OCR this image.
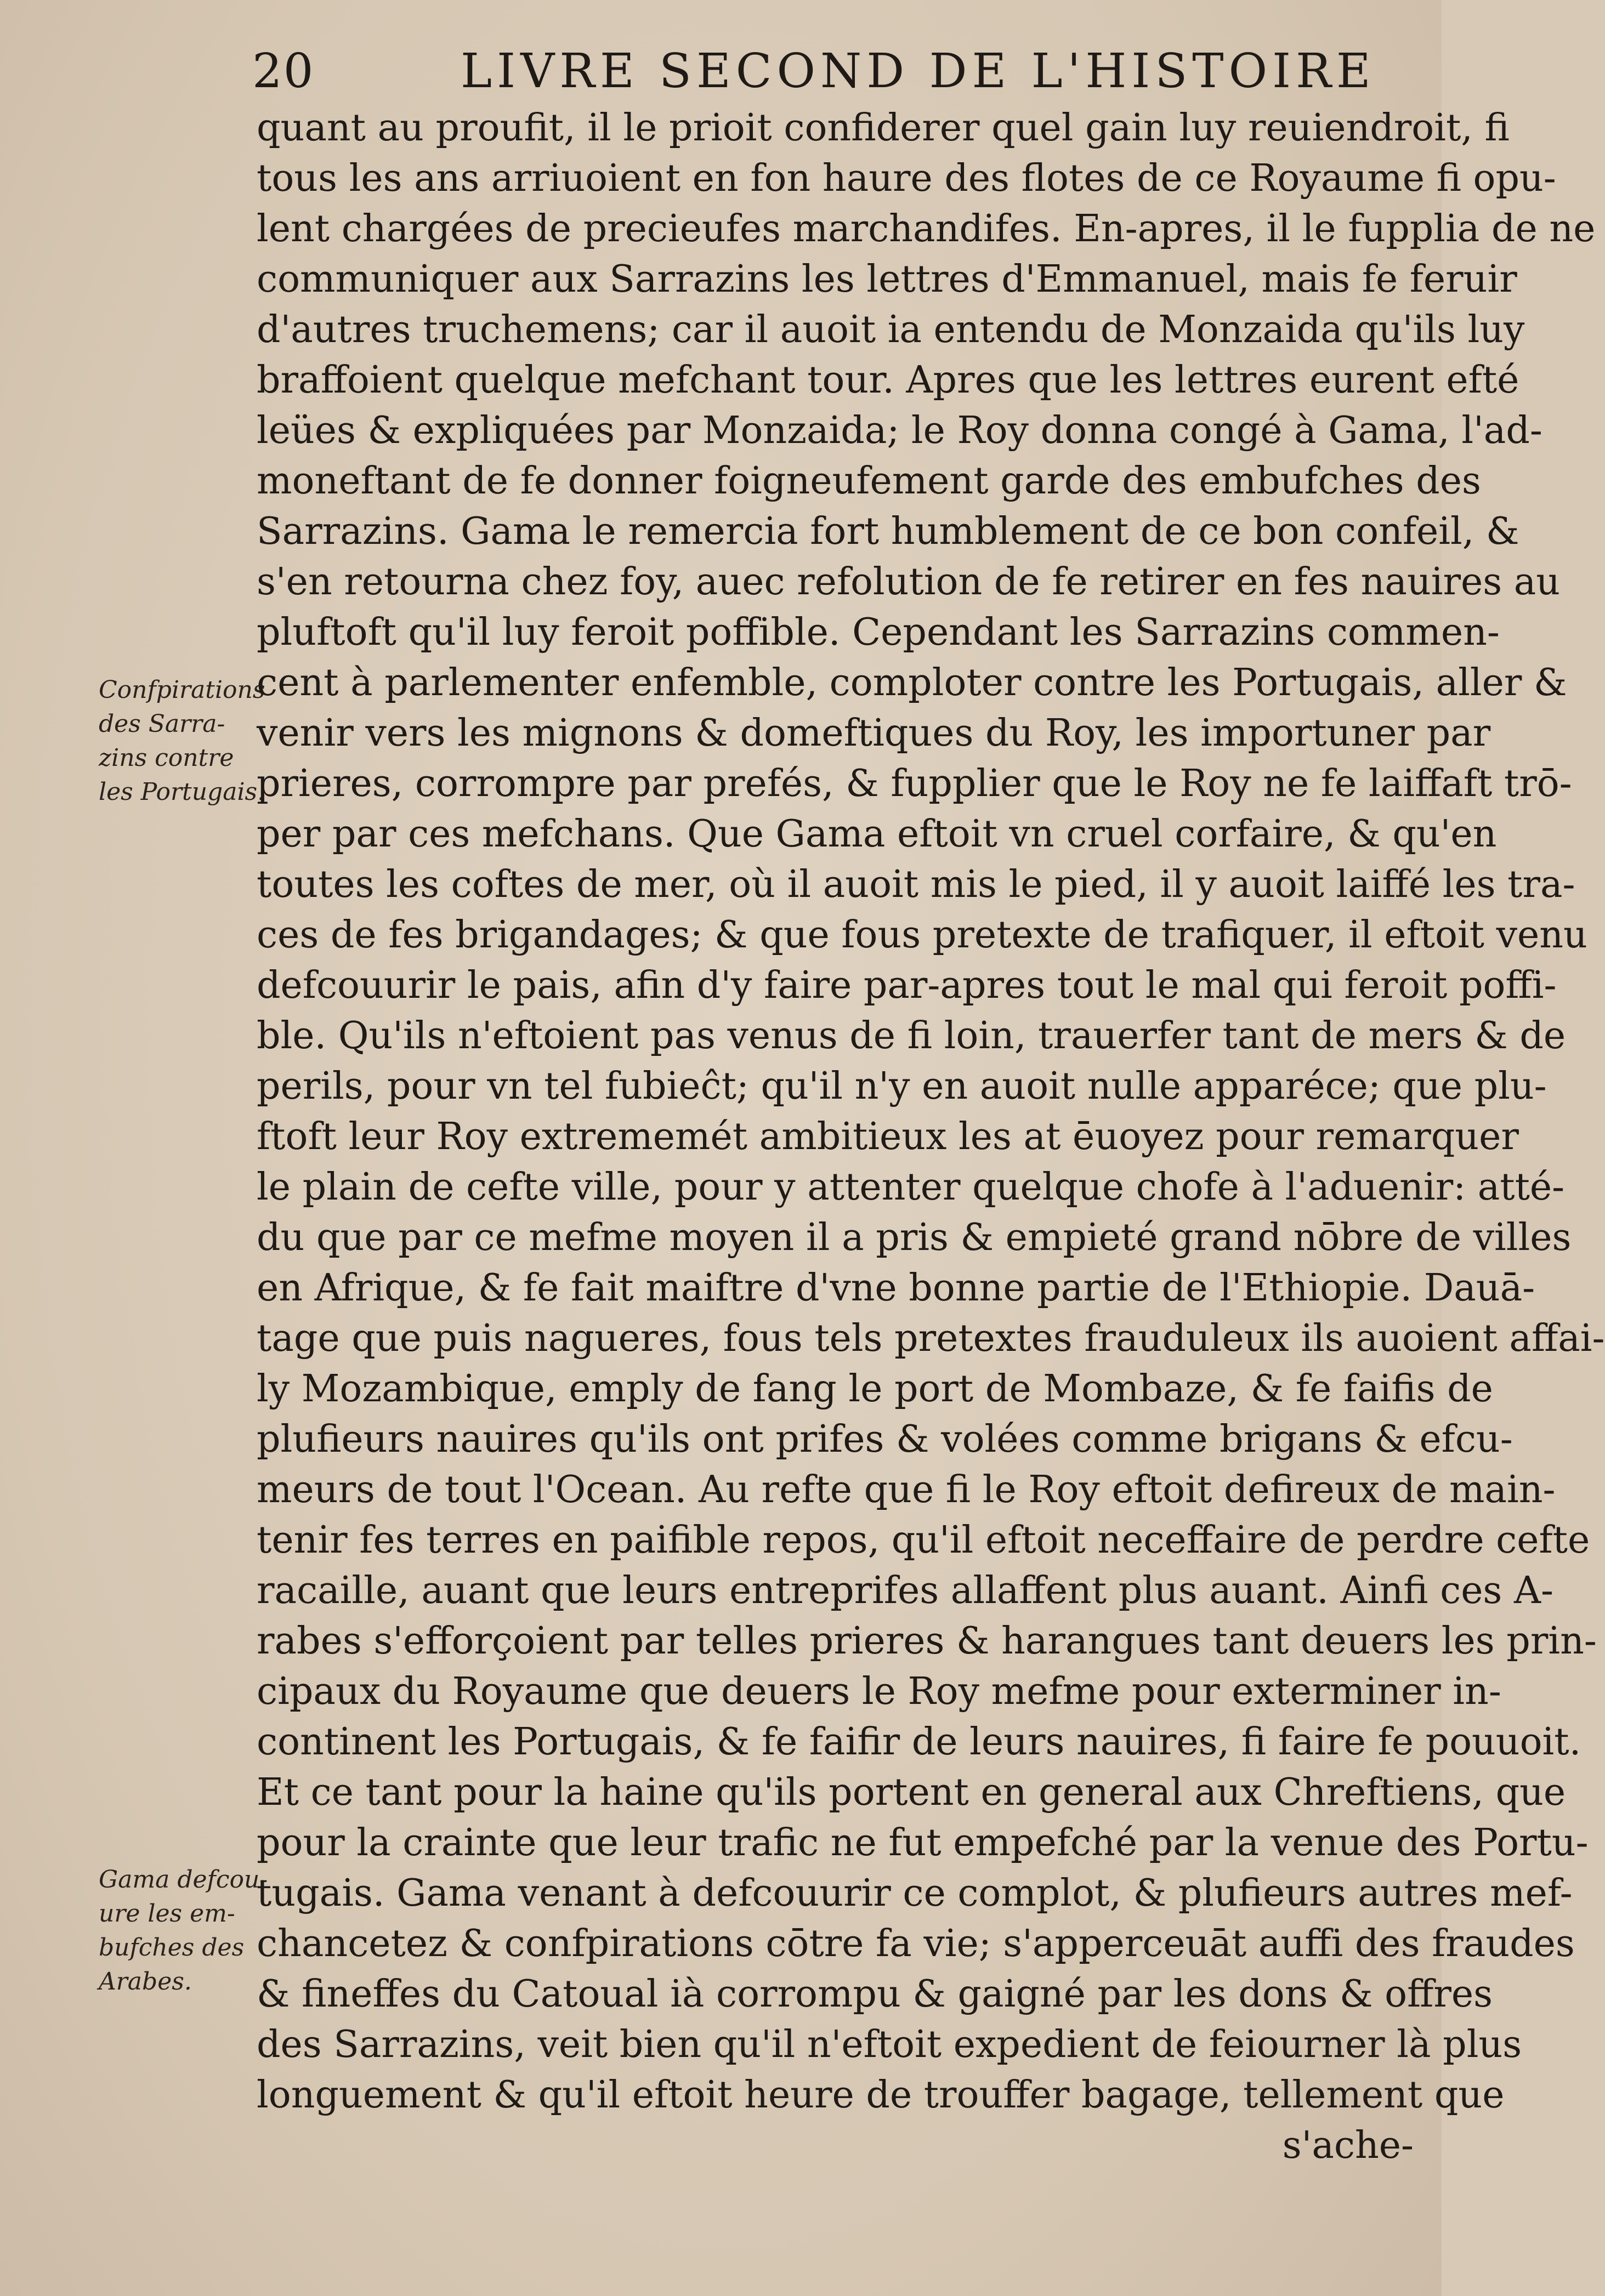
20	LIVRE SECOND DE L'HISTOIRE
Confpirations
des Sarra-
zins contre
les Portugais.
Gama defcou-
ure les em-
bufches des
Arabes.
quant au proufit, il le prioit confiderer quel gain luy reuiendroit, fi
tous les ans arriuoient en fon haure des flotes de ce Royaume fi opu-
lent chargées de precieufes marchandifes. En-apres, il le fupplia de ne
communiquer aux Sarrazins les lettres d'Emmanuel, mais fe feruir
d'autres truchemens; car il auoit ia entendu de Monzaida qu'ils luy
braffoient quelque mefchant tour. Apres que les lettres eurent efté
leües & expliquées par Monzaida; le Roy donna congé à Gama, l'ad-
moneftant de fe donner foigneufement garde des embufches des
Sarrazins. Gama le remercia fort humblement de ce bon confeil, &
s'en retourna chez foy, auec refolution de fe retirer en fes nauires au
pluftoft qu'il luy feroit poffible. Cependant les Sarrazins commen-
cent à parlementer enfemble, comploter contre les Portugais, aller &
venir vers les mignons & domeftiques du Roy, les importuner par
prieres, corrompre par prefés, & fupplier que le Roy ne fe laiffaft trō-
per par ces mefchans. Que Gama eftoit vn cruel corfaire, & qu'en
toutes les coftes de mer, où il auoit mis le pied, il y auoit laiffé les tra-
ces de fes brigandages; & que fous pretexte de trafiquer, il eftoit venu
defcouurir le pais, afin d'y faire par-apres tout le mal qui feroit poffi-
ble. Qu'ils n'eftoient pas venus de fi loin, trauerfer tant de mers & de
perils, pour vn tel fubieĉt; qu'il n'y en auoit nulle apparéce; que plu-
ftoft leur Roy extrememét ambitieux les at ēuoyez pour remarquer
le plain de cefte ville, pour y attenter quelque chofe à l'aduenir: atté-
du que par ce mefme moyen il a pris & empieté grand nōbre de villes
en Afrique, & fe fait maiftre d'vne bonne partie de l'Ethiopie. Dauā-
tage que puis nagueres, fous tels pretextes frauduleux ils auoient affai-
ly Mozambique, emply de fang le port de Mombaze, & fe faifis de
plufieurs nauires qu'ils ont prifes & volées comme brigans & efcu-
meurs de tout l'Ocean. Au refte que fi le Roy eftoit defireux de main-
tenir fes terres en paifible repos, qu'il eftoit neceffaire de perdre cefte
racaille, auant que leurs entreprifes allaffent plus auant. Ainfi ces A-
rabes s'efforçoient par telles prieres & harangues tant deuers les prin-
cipaux du Royaume que deuers le Roy mefme pour exterminer in-
continent les Portugais, & fe faifir de leurs nauires, fi faire fe pouuoit.
Et ce tant pour la haine qu'ils portent en general aux Chreftiens, que
pour la crainte que leur trafic ne fut empefché par la venue des Portu-
tugais. Gama venant à defcouurir ce complot, & plufieurs autres mef-
chancetez & confpirations cōtre fa vie; s'apperceuāt auffi des fraudes
& fineffes du Catoual ià corrompu & gaigné par les dons & offres
des Sarrazins, veit bien qu'il n'eftoit expedient de feiourner là plus
longuement & qu'il eftoit heure de trouffer bagage, tellement que
s'ache-
